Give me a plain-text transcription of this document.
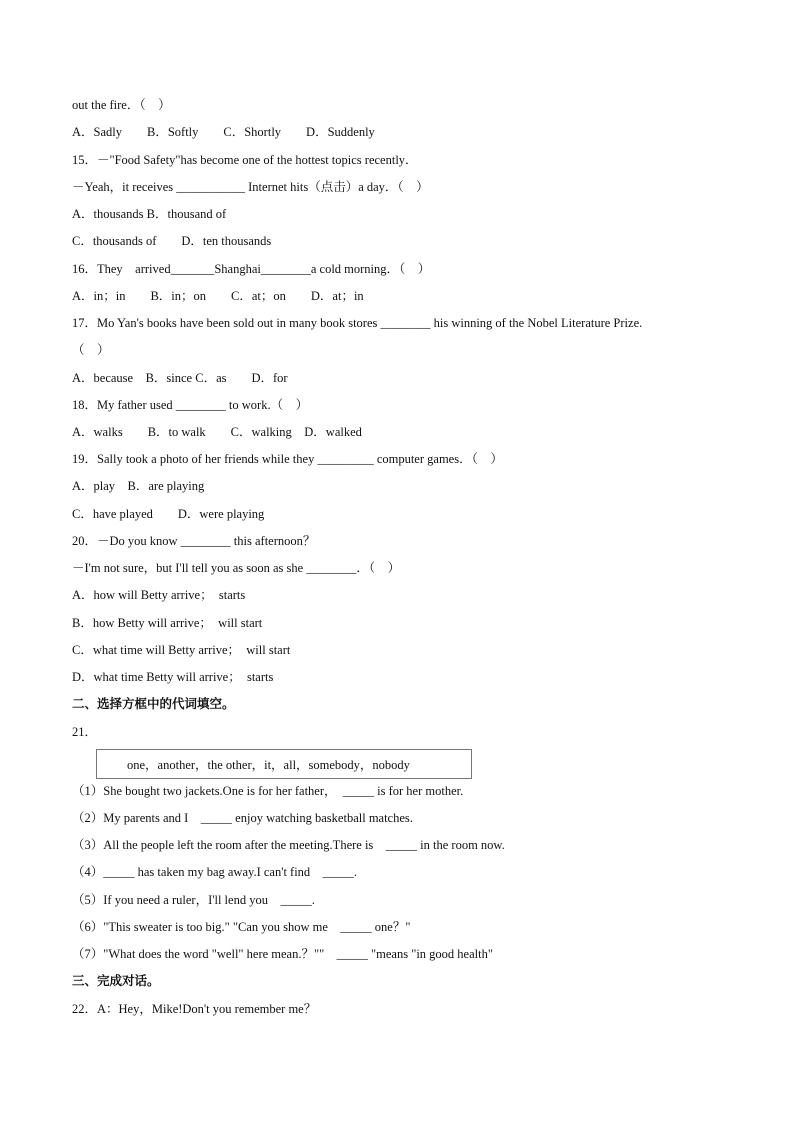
out the fire．（　）
A．Sadly　　B．Softly　　C．Shortly　　D．Suddenly
15．－"Food Safety"has become one of the hottest topics recently．
－Yeah，it receives ___________ Internet hits（点击）a day．（　）
A．thousands B．thousand of
C．thousands of　　D．ten thousands
16．They　arrived_______Shanghai________a cold morning．（　）
A．in；in　　B．in；on　　C．at；on　　D．at；in
17．Mo Yan's books have been sold out in many book stores ________ his winning of the Nobel Literature Prize.
（　）
A．because　B．since C．as　　D．for
18．My father used ________ to work.（　）
A．walks　　B．to walk　　C．walking　D．walked
19．Sally took a photo of her friends while they _________ computer games．（　）
A．play　B．are playing
C．have played　　D．were playing
20．－Do you know ________ this afternoon？
－I'm not sure，but I'll tell you as soon as she ________．（　）
A．how will Betty arrive；　starts
B．how Betty will arrive；　will start
C．what time will Betty arrive；　will start
D．what time Betty will arrive；　starts
二、选择方框中的代词填空。
21．
one，another，the other，it，all，somebody，nobody
（1）She bought two jackets.One is for her father，　_____ is for her mother.
（2）My parents and I　_____ enjoy watching basketball matches.
（3）All the people left the room after the meeting.There is　_____ in the room now.
（4）_____ has taken my bag away.I can't find　_____.
（5）If you need a ruler，I'll lend you　_____.
（6）"This sweater is too big." "Can you show me　_____ one？"
（7）"What does the word "well" here mean.？""　_____ "means "in good health"
三、完成对话。
22．A：Hey，Mike!Don't you remember me？
